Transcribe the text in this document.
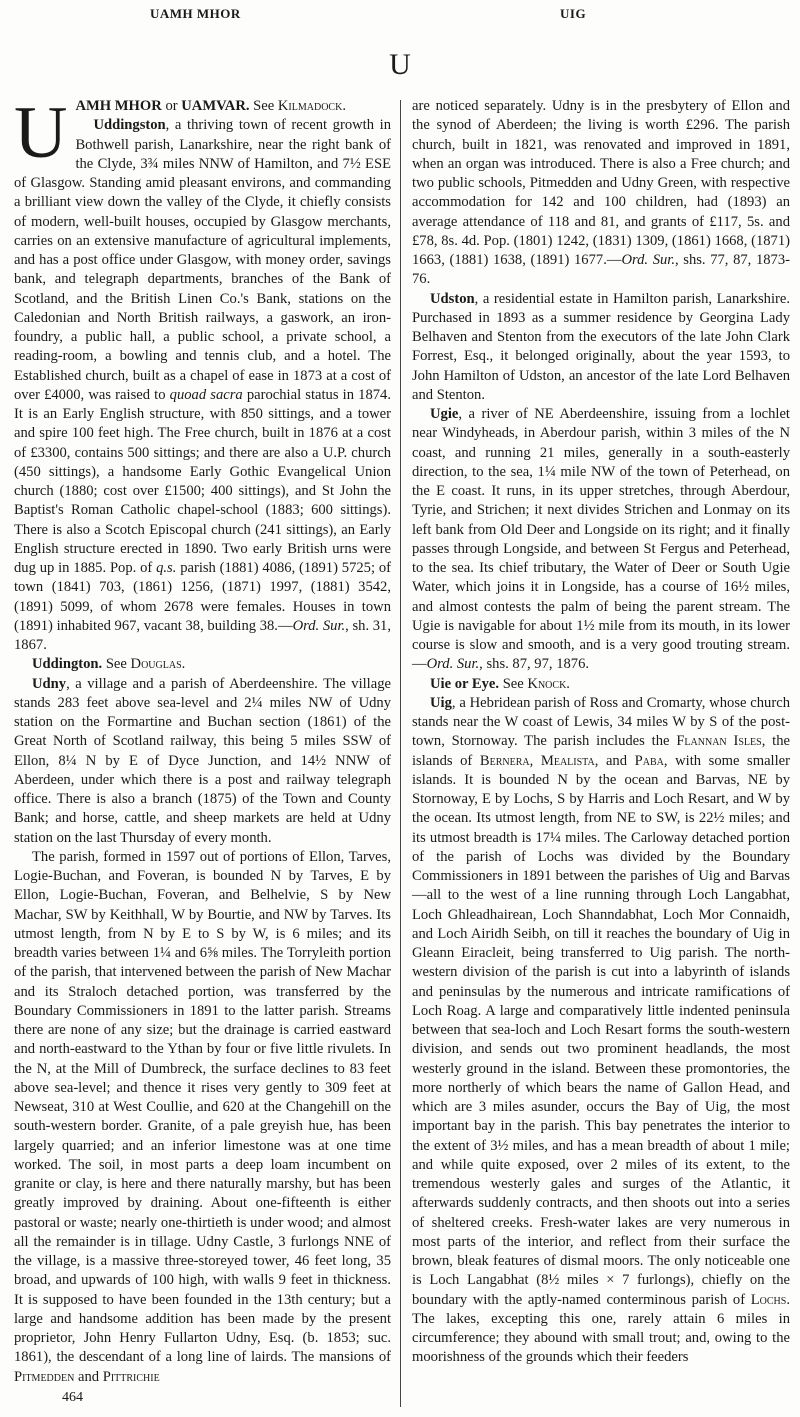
UAMH MHOR	UIG
U

UAMH MHOR or UAMVAR. See Kilmadock.

Uddingston, a thriving town of recent growth in Bothwell parish, Lanarkshire, near the right bank of the Clyde, 3¾ miles NNW of Hamilton, and 7½ ESE of Glasgow. Standing amid pleasant environs, and commanding a brilliant view down the valley of the Clyde, it chiefly consists of modern, well-built houses, occupied by Glasgow merchants, carries on an extensive manufacture of agricultural implements, and has a post office under Glasgow, with money order, savings bank, and telegraph departments, branches of the Bank of Scotland, and the British Linen Co.'s Bank, stations on the Caledonian and North British railways, a gaswork, an iron-foundry, a public hall, a public school, a private school, a reading-room, a bowling and tennis club, and a hotel. The Established church, built as a chapel of ease in 1873 at a cost of over £4000, was raised to quoad sacra parochial status in 1874. It is an Early English structure, with 850 sittings, and a tower and spire 100 feet high. The Free church, built in 1876 at a cost of £3300, contains 500 sittings; and there are also a U.P. church (450 sittings), a handsome Early Gothic Evangelical Union church (1880; cost over £1500; 400 sittings), and St John the Baptist's Roman Catholic chapel-school (1883; 600 sittings). There is also a Scotch Episcopal church (241 sittings), an Early English structure erected in 1890. Two early British urns were dug up in 1885. Pop. of q.s. parish (1881) 4086, (1891) 5725; of town (1841) 703, (1861) 1256, (1871) 1997, (1881) 3542, (1891) 5099, of whom 2678 were females. Houses in town (1891) inhabited 967, vacant 38, building 38.—Ord. Sur., sh. 31, 1867.

Uddington. See Douglas.

Udny, a village and a parish of Aberdeenshire. The village stands 283 feet above sea-level and 2¼ miles NW of Udny station on the Formartine and Buchan section (1861) of the Great North of Scotland railway, this being 5 miles SSW of Ellon, 8¼ N by E of Dyce Junction, and 14½ NNW of Aberdeen, under which there is a post and railway telegraph office. There is also a branch (1875) of the Town and County Bank; and horse, cattle, and sheep markets are held at Udny station on the last Thursday of every month.

The parish, formed in 1597 out of portions of Ellon, Tarves, Logie-Buchan, and Foveran, is bounded N by Tarves, E by Ellon, Logie-Buchan, Foveran, and Belhelvie, S by New Machar, SW by Keithhall, W by Bourtie, and NW by Tarves. Its utmost length, from N by E to S by W, is 6 miles; and its breadth varies between 1¼ and 6⅝ miles. The Torryleith portion of the parish, that intervened between the parish of New Machar and its Straloch detached portion, was transferred by the Boundary Commissioners in 1891 to the latter parish. Streams there are none of any size; but the drainage is carried eastward and north-eastward to the Ythan by four or five little rivulets. In the N, at the Mill of Dumbreck, the surface declines to 83 feet above sea-level; and thence it rises very gently to 309 feet at Newseat, 310 at West Coullie, and 620 at the Changehill on the south-western border. Granite, of a pale greyish hue, has been largely quarried; and an inferior limestone was at one time worked. The soil, in most parts a deep loam incumbent on granite or clay, is here and there naturally marshy, but has been greatly improved by draining. About one-fifteenth is either pastoral or waste; nearly one-thirtieth is under wood; and almost all the remainder is in tillage. Udny Castle, 3 furlongs NNE of the village, is a massive three-storeyed tower, 46 feet long, 35 broad, and upwards of 100 high, with walls 9 feet in thickness. It is supposed to have been founded in the 13th century; but a large and handsome addition has been made by the present proprietor, John Henry Fullarton Udny, Esq. (b. 1853; suc. 1861), the descendant of a long line of lairds. The mansions of Pitmedden and Pittrichie

464

are noticed separately. Udny is in the presbytery of Ellon and the synod of Aberdeen; the living is worth £296. The parish church, built in 1821, was renovated and improved in 1891, when an organ was introduced. There is also a Free church; and two public schools, Pitmedden and Udny Green, with respective accommodation for 142 and 100 children, had (1893) an average attendance of 118 and 81, and grants of £117, 5s. and £78, 8s. 4d. Pop. (1801) 1242, (1831) 1309, (1861) 1668, (1871) 1663, (1881) 1638, (1891) 1677.—Ord. Sur., shs. 77, 87, 1873-76.

Udston, a residential estate in Hamilton parish, Lanarkshire. Purchased in 1893 as a summer residence by Georgina Lady Belhaven and Stenton from the executors of the late John Clark Forrest, Esq., it belonged originally, about the year 1593, to John Hamilton of Udston, an ancestor of the late Lord Belhaven and Stenton.

Ugie, a river of NE Aberdeenshire, issuing from a lochlet near Windyheads, in Aberdour parish, within 3 miles of the N coast, and running 21 miles, generally in a south-easterly direction, to the sea, 1¼ mile NW of the town of Peterhead, on the E coast. It runs, in its upper stretches, through Aberdour, Tyrie, and Strichen; it next divides Strichen and Lonmay on its left bank from Old Deer and Longside on its right; and it finally passes through Longside, and between St Fergus and Peterhead, to the sea. Its chief tributary, the Water of Deer or South Ugie Water, which joins it in Longside, has a course of 16½ miles, and almost contests the palm of being the parent stream. The Ugie is navigable for about 1½ mile from its mouth, in its lower course is slow and smooth, and is a very good trouting stream.—Ord. Sur., shs. 87, 97, 1876.

Uie or Eye. See Knock.

Uig, a Hebridean parish of Ross and Cromarty, whose church stands near the W coast of Lewis, 34 miles W by S of the post-town, Stornoway. The parish includes the Flannan Isles, the islands of Bernera, Mealista, and Paba, with some smaller islands. It is bounded N by the ocean and Barvas, NE by Stornoway, E by Lochs, S by Harris and Loch Resart, and W by the ocean. Its utmost length, from NE to SW, is 22½ miles; and its utmost breadth is 17¼ miles. The Carloway detached portion of the parish of Lochs was divided by the Boundary Commissioners in 1891 between the parishes of Uig and Barvas—all to the west of a line running through Loch Langabhat, Loch Ghleadhairean, Loch Shanndabhat, Loch Mor Connaidh, and Loch Airidh Seibh, on till it reaches the boundary of Uig in Gleann Eiracleit, being transferred to Uig parish. The north-western division of the parish is cut into a labyrinth of islands and peninsulas by the numerous and intricate ramifications of Loch Roag. A large and comparatively little indented peninsula between that sea-loch and Loch Resart forms the south-western division, and sends out two prominent headlands, the most westerly ground in the island. Between these promontories, the more northerly of which bears the name of Gallon Head, and which are 3 miles asunder, occurs the Bay of Uig, the most important bay in the parish. This bay penetrates the interior to the extent of 3½ miles, and has a mean breadth of about 1 mile; and while quite exposed, over 2 miles of its extent, to the tremendous westerly gales and surges of the Atlantic, it afterwards suddenly contracts, and then shoots out into a series of sheltered creeks. Fresh-water lakes are very numerous in most parts of the interior, and reflect from their surface the brown, bleak features of dismal moors. The only noticeable one is Loch Langabhat (8½ miles × 7 furlongs), chiefly on the boundary with the aptly-named conterminous parish of Lochs. The lakes, excepting this one, rarely attain 6 miles in circumference; they abound with small trout; and, owing to the moorishness of the grounds which their feeders
